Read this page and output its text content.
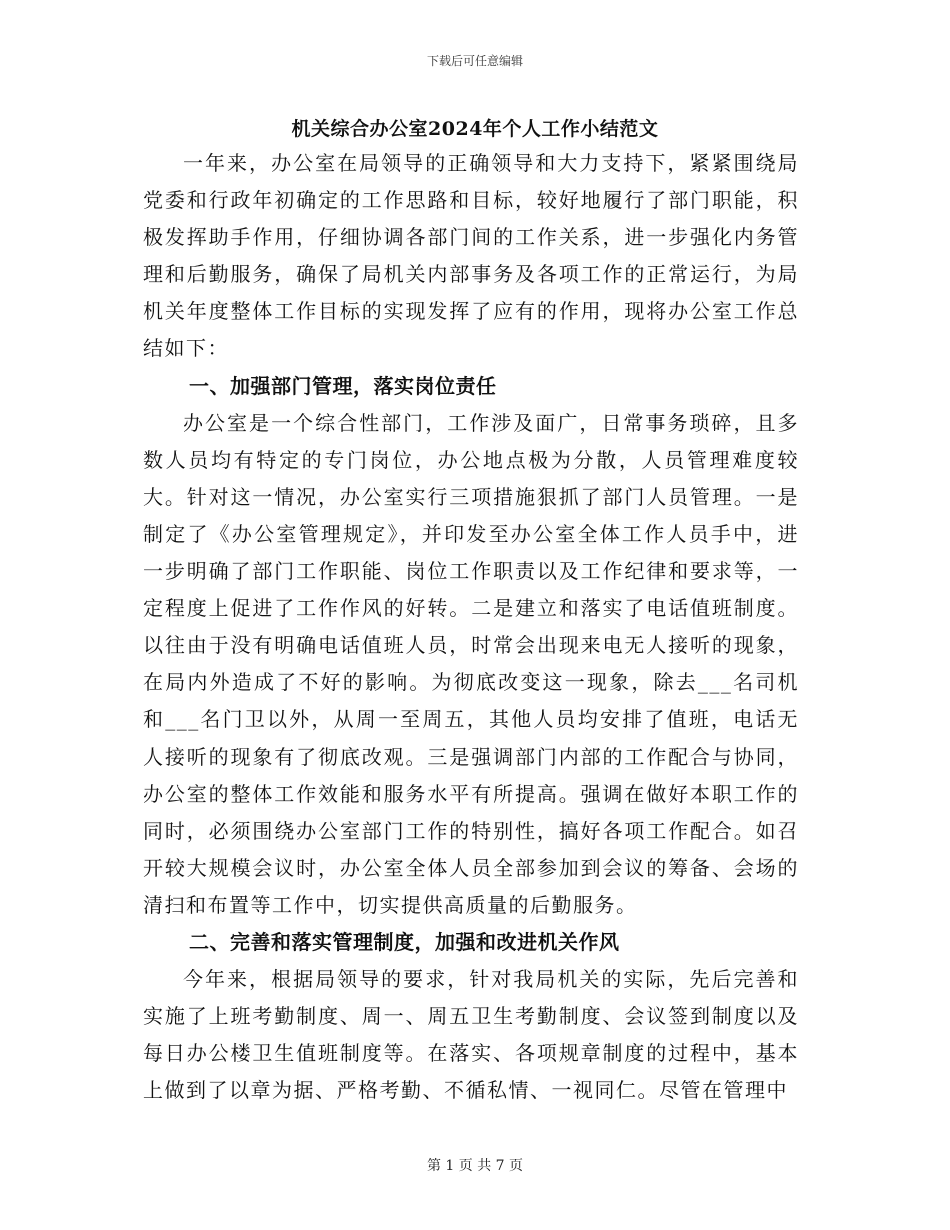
下载后可任意编辑
机关综合办公室2024年个人工作小结范文

一年来，办公室在局领导的正确领导和大力支持下，紧紧围绕局党委和行政年初确定的工作思路和目标，较好地履行了部门职能，积极发挥助手作用，仔细协调各部门间的工作关系，进一步强化内务管理和后勤服务，确保了局机关内部事务及各项工作的正常运行，为局机关年度整体工作目标的实现发挥了应有的作用，现将办公室工作总结如下：

一、加强部门管理，落实岗位责任

办公室是一个综合性部门，工作涉及面广，日常事务琐碎，且多数人员均有特定的专门岗位，办公地点极为分散，人员管理难度较大。针对这一情况，办公室实行三项措施狠抓了部门人员管理。一是制定了《办公室管理规定》，并印发至办公室全体工作人员手中，进一步明确了部门工作职能、岗位工作职责以及工作纪律和要求等，一定程度上促进了工作作风的好转。二是建立和落实了电话值班制度。以往由于没有明确电话值班人员，时常会出现来电无人接听的现象，在局内外造成了不好的影响。为彻底改变这一现象，除去___名司机和___名门卫以外，从周一至周五，其他人员均安排了值班，电话无人接听的现象有了彻底改观。三是强调部门内部的工作配合与协同，办公室的整体工作效能和服务水平有所提高。强调在做好本职工作的同时，必须围绕办公室部门工作的特别性，搞好各项工作配合。如召开较大规模会议时，办公室全体人员全部参加到会议的筹备、会场的清扫和布置等工作中，切实提供高质量的后勤服务。

二、完善和落实管理制度，加强和改进机关作风

今年来，根据局领导的要求，针对我局机关的实际，先后完善和实施了上班考勤制度、周一、周五卫生考勤制度、会议签到制度以及每日办公楼卫生值班制度等。在落实、各项规章制度的过程中，基本上做到了以章为据、严格考勤、不循私情、一视同仁。尽管在管理中

第 1 页 共 7 页
